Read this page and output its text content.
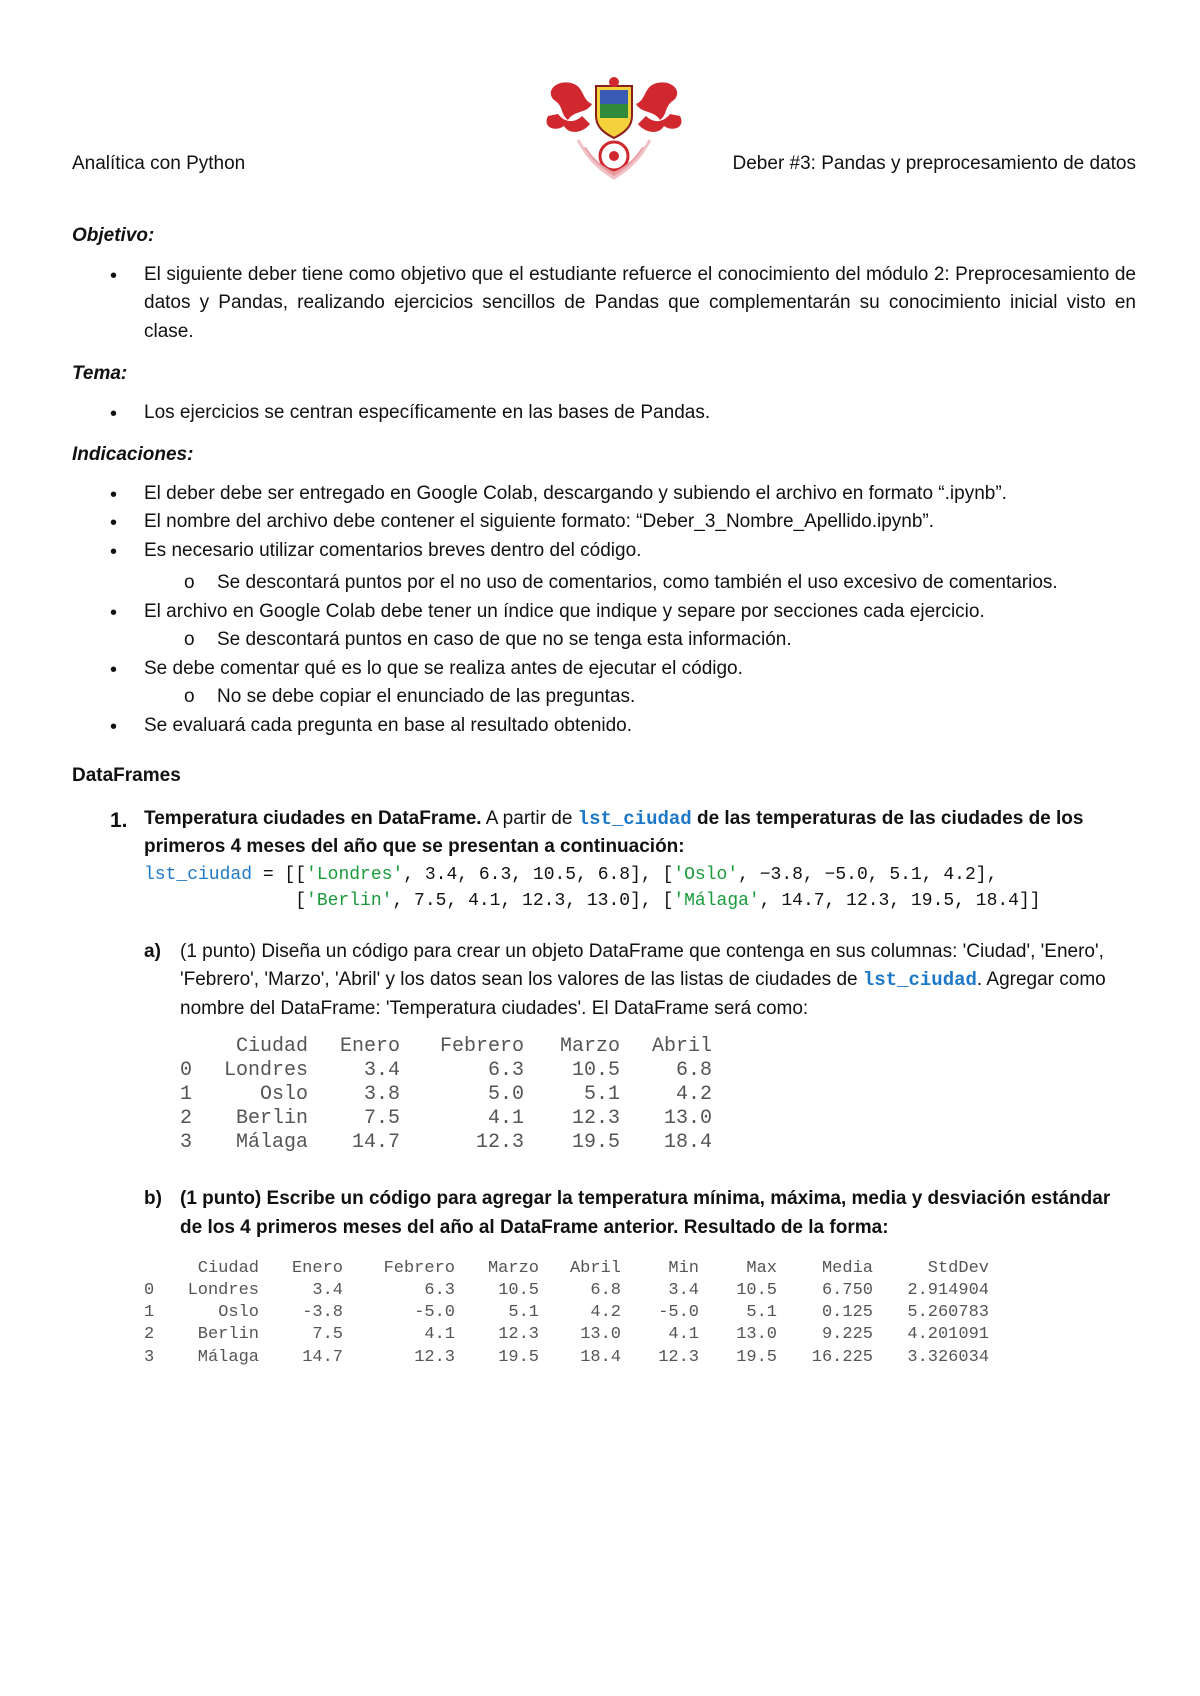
Analítica con Python	Deber #3: Pandas y preprocesamiento de datos
Objetivo:
• El siguiente deber tiene como objetivo que el estudiante refuerce el conocimiento del módulo 2: Preprocesamiento de datos y Pandas, realizando ejercicios sencillos de Pandas que complementarán su conocimiento inicial visto en clase.
Tema:
• Los ejercicios se centran específicamente en las bases de Pandas.
Indicaciones:
• El deber debe ser entregado en Google Colab, descargando y subiendo el archivo en formato “.ipynb”.
• El nombre del archivo debe contener el siguiente formato: “Deber_3_Nombre_Apellido.ipynb”.
• Es necesario utilizar comentarios breves dentro del código.
o Se descontará puntos por el no uso de comentarios, como también el uso excesivo de comentarios.
• El archivo en Google Colab debe tener un índice que indique y separe por secciones cada ejercicio.
o Se descontará puntos en caso de que no se tenga esta información.
• Se debe comentar qué es lo que se realiza antes de ejecutar el código.
o No se debe copiar el enunciado de las preguntas.
• Se evaluará cada pregunta en base al resultado obtenido.
DataFrames
1. Temperatura ciudades en DataFrame. A partir de lst_ciudad de las temperaturas de las ciudades de los primeros 4 meses del año que se presentan a continuación:
lst_ciudad = [['Londres', 3.4, 6.3, 10.5, 6.8], ['Oslo', −3.8, −5.0, 5.1, 4.2],
['Berlin', 7.5, 4.1, 12.3, 13.0], ['Málaga', 14.7, 12.3, 19.5, 18.4]]
a) (1 punto) Diseña un código para crear un objeto DataFrame que contenga en sus columnas: 'Ciudad', 'Enero', 'Febrero', 'Marzo', 'Abril' y los datos sean los valores de las listas de ciudades de lst_ciudad. Agregar como nombre del DataFrame: 'Temperatura ciudades'. El DataFrame será como:
	Ciudad	Enero	Febrero	Marzo	Abril
0	Londres	3.4	6.3	10.5	6.8
1	Oslo	3.8	5.0	5.1	4.2
2	Berlin	7.5	4.1	12.3	13.0
3	Málaga	14.7	12.3	19.5	18.4
b) (1 punto) Escribe un código para agregar la temperatura mínima, máxima, media y desviación estándar de los 4 primeros meses del año al DataFrame anterior. Resultado de la forma:
	Ciudad	Enero	Febrero	Marzo	Abril	Min	Max	Media	StdDev
0	Londres	3.4	6.3	10.5	6.8	3.4	10.5	6.750	2.914904
1	Oslo	-3.8	-5.0	5.1	4.2	-5.0	5.1	0.125	5.260783
2	Berlin	7.5	4.1	12.3	13.0	4.1	13.0	9.225	4.201091
3	Málaga	14.7	12.3	19.5	18.4	12.3	19.5	16.225	3.326034
